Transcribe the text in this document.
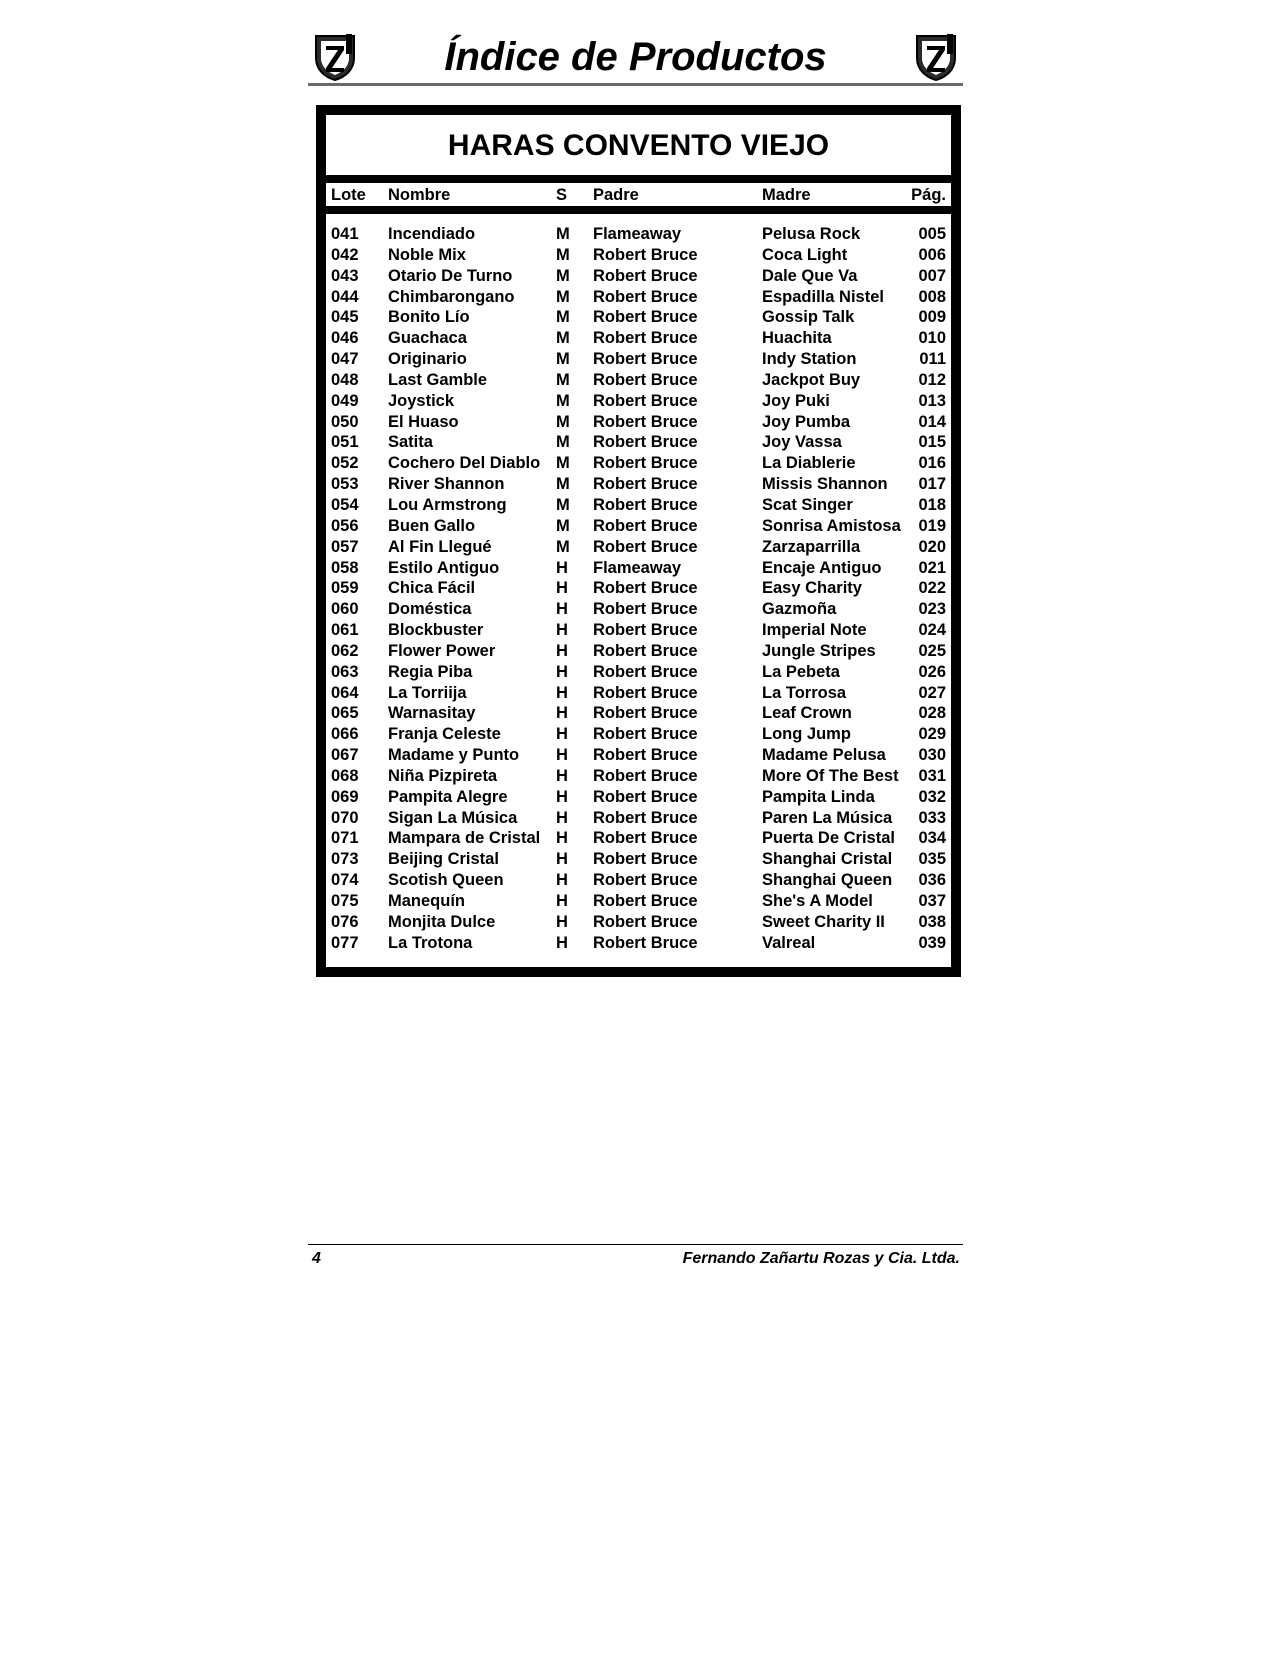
Índice de Productos
HARAS CONVENTO VIEJO
Lote Nombre	S Padre	Madre	Pág.
041 Incendiado	M Flameaway	Pelusa Rock	005
042 Noble Mix	M Robert Bruce	Coca Light	006
043 Otario De Turno	M Robert Bruce	Dale Que Va	007
044 Chimbarongano	M Robert Bruce	Espadilla Nistel 008
045 Bonito Lío	M Robert Bruce	Gossip Talk	009
046 Guachaca	M Robert Bruce	Huachita	010
047 Originario	M Robert Bruce	Indy Station	011
048 Last Gamble	M Robert Bruce	Jackpot Buy	012
049 Joystick	M Robert Bruce	Joy Puki	013
050 El Huaso	M Robert Bruce	Joy Pumba	014
051 Satita	M Robert Bruce	Joy Vassa	015
052 Cochero Del Diablo M Robert Bruce	La Diablerie	016
053 River Shannon	M Robert Bruce	Missis Shannon 017
054 Lou Armstrong	M Robert Bruce	Scat Singer	018
056 Buen Gallo	M Robert Bruce	Sonrisa Amistosa 019
057 Al Fin Llegué	M Robert Bruce	Zarzaparrilla	020
058 Estilo Antiguo	H Flameaway	Encaje Antiguo 021
059 Chica Fácil	H Robert Bruce	Easy Charity	022
060 Doméstica	H Robert Bruce	Gazmoña	023
061 Blockbuster	H Robert Bruce	Imperial Note	024
062 Flower Power	H Robert Bruce	Jungle Stripes	025
063 Regia Piba	H Robert Bruce	La Pebeta	026
064 La Torriija	H Robert Bruce	La Torrosa	027
065 Warnasitay	H Robert Bruce	Leaf Crown	028
066 Franja Celeste	H Robert Bruce	Long Jump	029
067 Madame y Punto H Robert Bruce	Madame Pelusa 030
068 Niña Pizpireta	H Robert Bruce	More Of The Best 031
069 Pampita Alegre	H Robert Bruce	Pampita Linda	032
070 Sigan La Música H Robert Bruce	Paren La Música 033
071 Mampara de Cristal H Robert Bruce	Puerta De Cristal 034
073 Beijing Cristal	H Robert Bruce	Shanghai Cristal 035
074 Scotish Queen	H Robert Bruce	Shanghai Queen 036
075 Manequín	H Robert Bruce	She's A Model	037
076 Monjita Dulce	H Robert Bruce	Sweet Charity II 038
077 La Trotona	H Robert Bruce	Valreal	039
4	Fernando Zañartu Rozas y Cia. Ltda.
